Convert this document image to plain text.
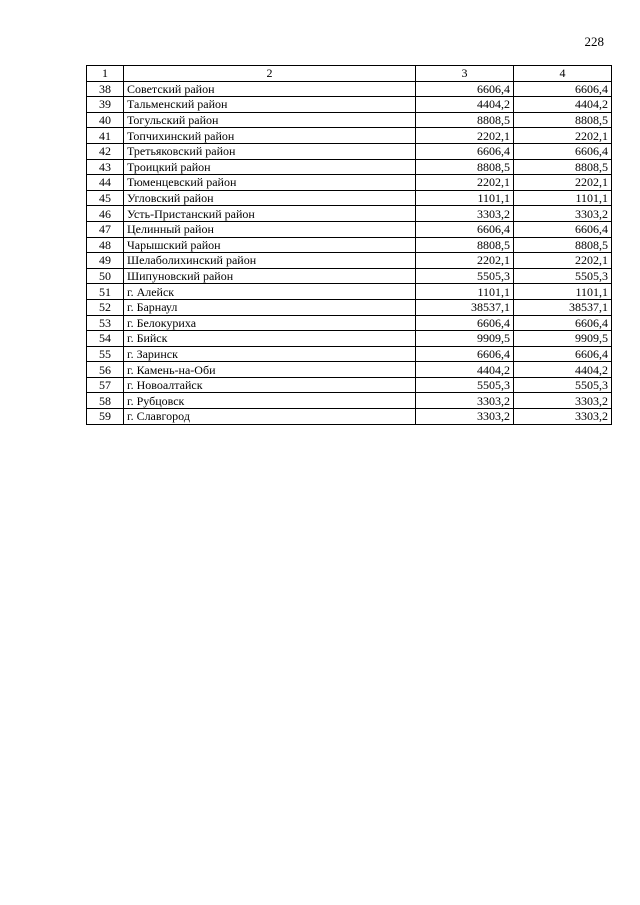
228
1	2	3	4
38	Советский район	6606,4	6606,4
39	Тальменский район	4404,2	4404,2
40	Тогульский район	8808,5	8808,5
41	Топчихинский район	2202,1	2202,1
42	Третьяковский район	6606,4	6606,4
43	Троицкий район	8808,5	8808,5
44	Тюменцевский район	2202,1	2202,1
45	Угловский район	1101,1	1101,1
46	Усть-Пристанский район	3303,2	3303,2
47	Целинный район	6606,4	6606,4
48	Чарышский район	8808,5	8808,5
49	Шелаболихинский район	2202,1	2202,1
50	Шипуновский район	5505,3	5505,3
51	г. Алейск	1101,1	1101,1
52	г. Барнаул	38537,1	38537,1
53	г. Белокуриха	6606,4	6606,4
54	г. Бийск	9909,5	9909,5
55	г. Заринск	6606,4	6606,4
56	г. Камень-на-Оби	4404,2	4404,2
57	г. Новоалтайск	5505,3	5505,3
58	г. Рубцовск	3303,2	3303,2
59	г. Славгород	3303,2	3303,2
